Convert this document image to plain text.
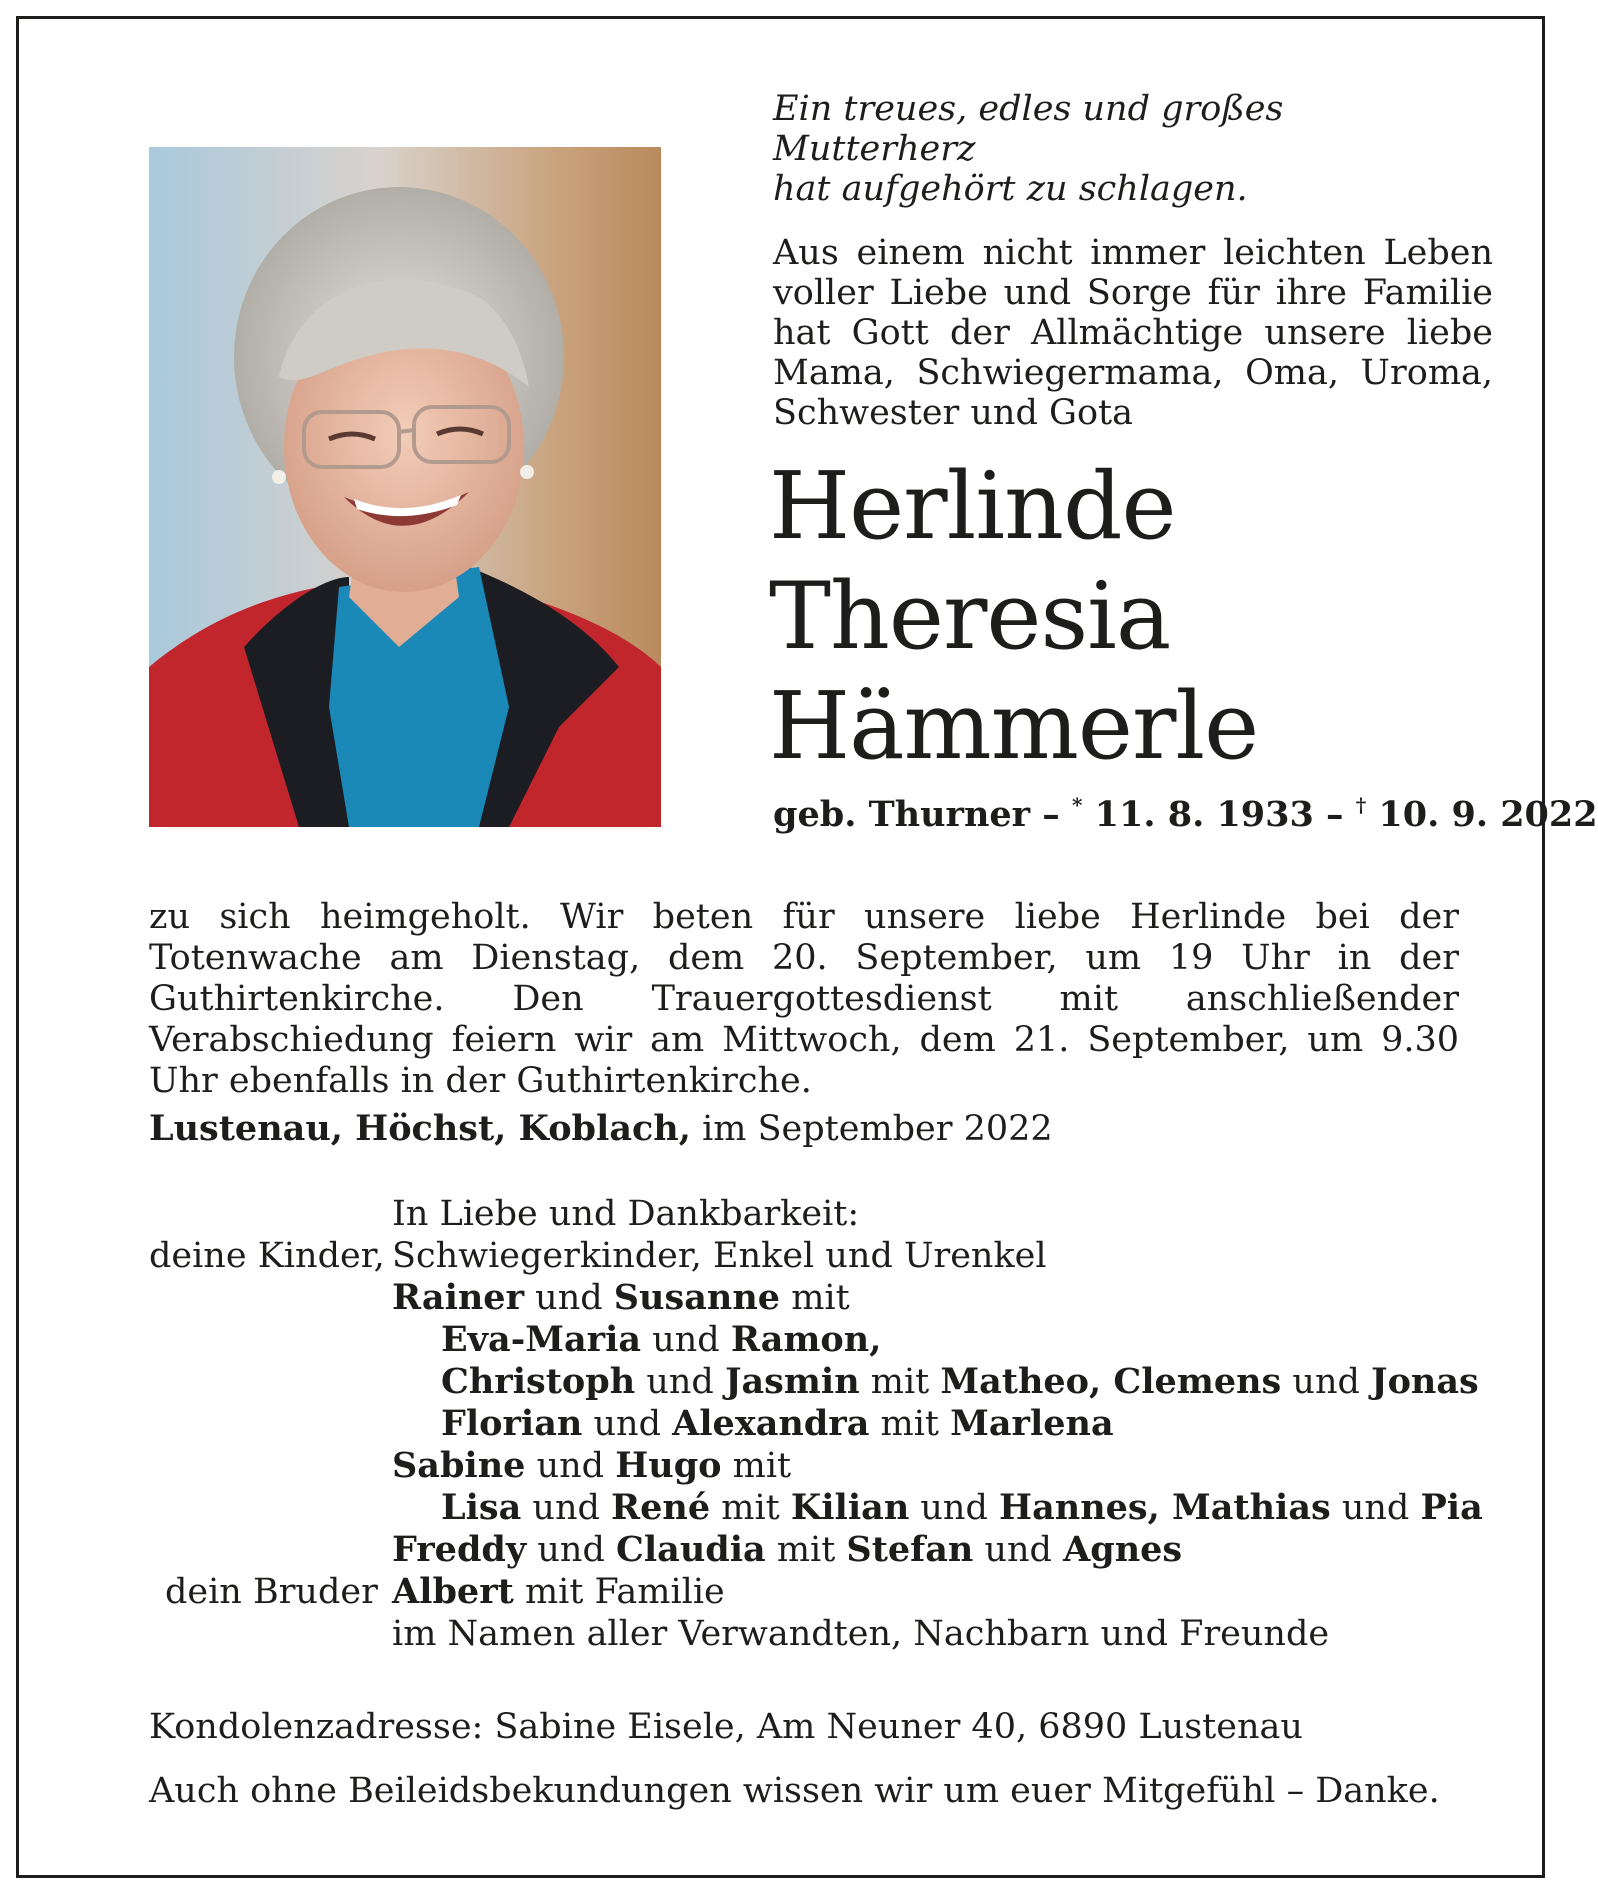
Ein treues, edles und großes Mutterherz
hat aufgehört zu schlagen.

Aus einem nicht immer leichten Leben voller Liebe und Sorge für ihre Familie hat Gott der Allmächtige unsere liebe Mama, Schwiegermama, Oma, Uroma, Schwester und Gota

Herlinde
Theresia
Hämmerle

geb. Thurner – * 11. 8. 1933 – † 10. 9. 2022

zu sich heimgeholt. Wir beten für unsere liebe Herlinde bei der Totenwache am Dienstag, dem 20. September, um 19 Uhr in der Guthirtenkirche. Den Trauergottesdienst mit anschließender Verabschiedung feiern wir am Mittwoch, dem 21. September, um 9.30 Uhr ebenfalls in der Guthirtenkirche.

Lustenau, Höchst, Koblach, im September 2022

In Liebe und Dankbarkeit:
deine Kinder, Schwiegerkinder, Enkel und Urenkel
Rainer und Susanne mit
Eva-Maria und Ramon,
Christoph und Jasmin mit Matheo, Clemens und Jonas
Florian und Alexandra mit Marlena
Sabine und Hugo mit
Lisa und René mit Kilian und Hannes, Mathias und Pia
Freddy und Claudia mit Stefan und Agnes
dein Bruder Albert mit Familie
im Namen aller Verwandten, Nachbarn und Freunde

Kondolenzadresse: Sabine Eisele, Am Neuner 40, 6890 Lustenau

Auch ohne Beileidsbekundungen wissen wir um euer Mitgefühl – Danke.
